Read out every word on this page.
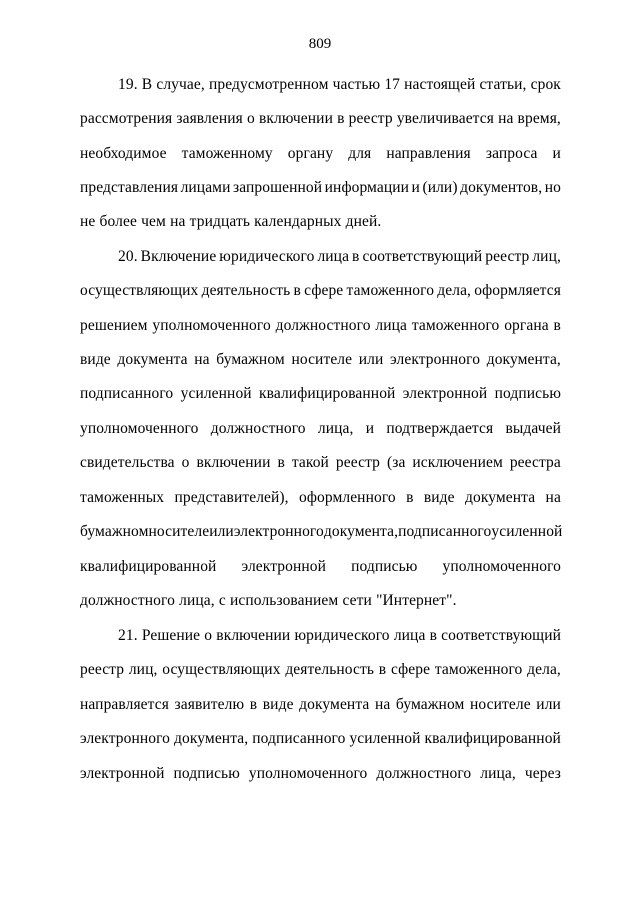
809
19. В случае, предусмотренном частью 17 настоящей статьи, срок
рассмотрения заявления о включении в реестр увеличивается на время,
необходимое таможенному органу для направления запроса и
представления лицами запрошенной информации и (или) документов, но
не более чем на тридцать календарных дней.
20. Включение юридического лица в соответствующий реестр лиц,
осуществляющих деятельность в сфере таможенного дела, оформляется
решением уполномоченного должностного лица таможенного органа в
виде документа на бумажном носителе или электронного документа,
подписанного усиленной квалифицированной электронной подписью
уполномоченного должностного лица, и подтверждается выдачей
свидетельства о включении в такой реестр (за исключением реестра
таможенных представителей), оформленного в виде документа на
бумажном носителе или электронного документа, подписанного усиленной
квалифицированной электронной подписью уполномоченного
должностного лица, с использованием сети "Интернет".
21. Решение о включении юридического лица в соответствующий
реестр лиц, осуществляющих деятельность в сфере таможенного дела,
направляется заявителю в виде документа на бумажном носителе или
электронного документа, подписанного усиленной квалифицированной
электронной подписью уполномоченного должностного лица, через
